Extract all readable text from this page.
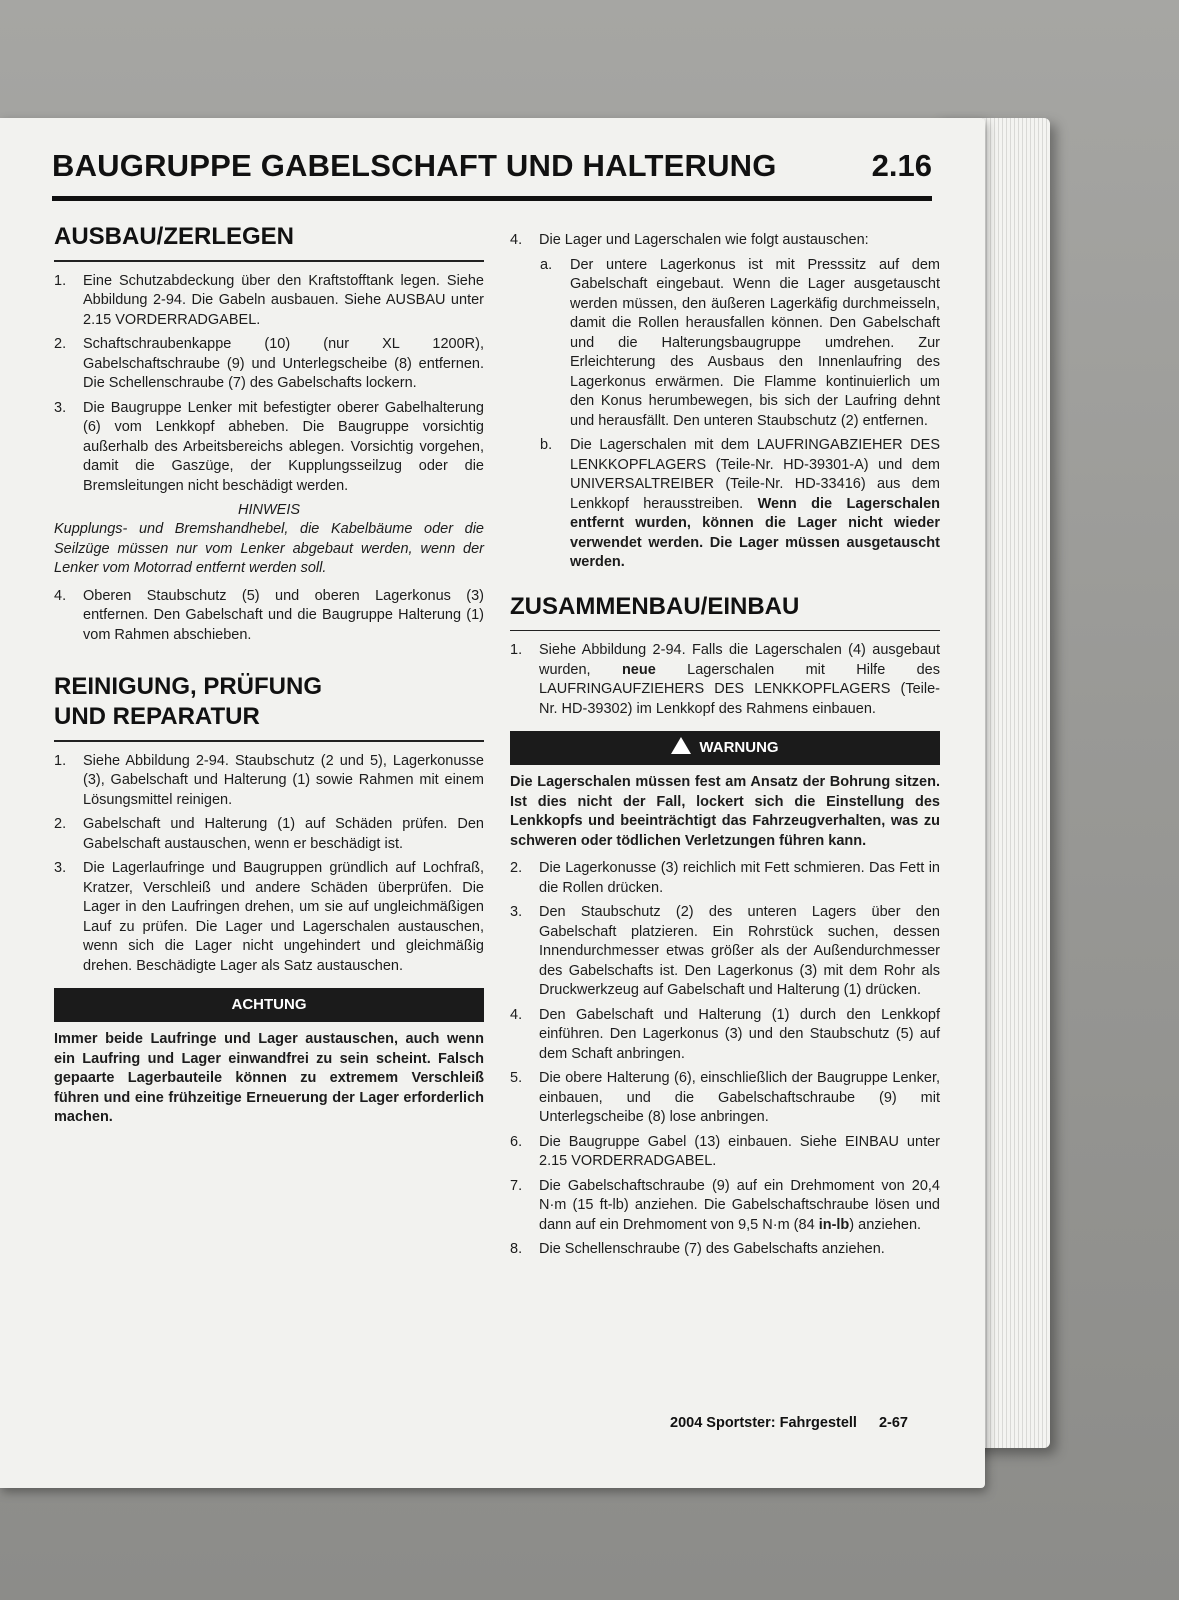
BAUGRUPPE GABELSCHAFT UND HALTERUNG	2.16
AUSBAU/ZERLEGEN
1.	Eine Schutzabdeckung über den Kraftstofftank legen. Siehe Abbildung 2-94. Die Gabeln ausbauen. Siehe AUSBAU unter 2.15 VORDERRADGABEL.
2.	Schaftschraubenkappe (10) (nur XL 1200R), Gabelschaftschraube (9) und Unterlegscheibe (8) entfernen. Die Schellenschraube (7) des Gabelschafts lockern.
3.	Die Baugruppe Lenker mit befestigter oberer Gabelhalterung (6) vom Lenkkopf abheben. Die Baugruppe vorsichtig außerhalb des Arbeitsbereichs ablegen. Vorsichtig vorgehen, damit die Gaszüge, der Kupplungsseilzug oder die Bremsleitungen nicht beschädigt werden.
HINWEIS
Kupplungs- und Bremshandhebel, die Kabelbäume oder die Seilzüge müssen nur vom Lenker abgebaut werden, wenn der Lenker vom Motorrad entfernt werden soll.
4.	Oberen Staubschutz (5) und oberen Lagerkonus (3) entfernen. Den Gabelschaft und die Baugruppe Halterung (1) vom Rahmen abschieben.
REINIGUNG, PRÜFUNG
UND REPARATUR
1.	Siehe Abbildung 2-94. Staubschutz (2 und 5), Lagerkonusse (3), Gabelschaft und Halterung (1) sowie Rahmen mit einem Lösungsmittel reinigen.
2.	Gabelschaft und Halterung (1) auf Schäden prüfen. Den Gabelschaft austauschen, wenn er beschädigt ist.
3.	Die Lagerlaufringe und Baugruppen gründlich auf Lochfraß, Kratzer, Verschleiß und andere Schäden überprüfen. Die Lager in den Laufringen drehen, um sie auf ungleichmäßigen Lauf zu prüfen. Die Lager und Lagerschalen austauschen, wenn sich die Lager nicht ungehindert und gleichmäßig drehen. Beschädigte Lager als Satz austauschen.
ACHTUNG
Immer beide Laufringe und Lager austauschen, auch wenn ein Laufring und Lager einwandfrei zu sein scheint. Falsch gepaarte Lagerbauteile können zu extremem Verschleiß führen und eine frühzeitige Erneuerung der Lager erforderlich machen.
4.	Die Lager und Lagerschalen wie folgt austauschen:
a.	Der untere Lagerkonus ist mit Presssitz auf dem Gabelschaft eingebaut. Wenn die Lager ausgetauscht werden müssen, den äußeren Lagerkäfig durchmeisseln, damit die Rollen herausfallen können. Den Gabelschaft und die Halterungsbaugruppe umdrehen. Zur Erleichterung des Ausbaus den Innenlaufring des Lagerkonus erwärmen. Die Flamme kontinuierlich um den Konus herumbewegen, bis sich der Laufring dehnt und herausfällt. Den unteren Staubschutz (2) entfernen.
b.	Die Lagerschalen mit dem LAUFRINGABZIEHER DES LENKKOPFLAGERS (Teile-Nr. HD-39301-A) und dem UNIVERSALTREIBER (Teile-Nr. HD-33416) aus dem Lenkkopf herausstreiben. Wenn die Lagerschalen entfernt wurden, können die Lager nicht wieder verwendet werden. Die Lager müssen ausgetauscht werden.
ZUSAMMENBAU/EINBAU
1.	Siehe Abbildung 2-94. Falls die Lagerschalen (4) ausgebaut wurden, neue Lagerschalen mit Hilfe des LAUFRINGAUFZIEHERS DES LENKKOPFLAGERS (Teile-Nr. HD-39302) im Lenkkopf des Rahmens einbauen.
WARNUNG
Die Lagerschalen müssen fest am Ansatz der Bohrung sitzen. Ist dies nicht der Fall, lockert sich die Einstellung des Lenkkopfs und beeinträchtigt das Fahrzeugverhalten, was zu schweren oder tödlichen Verletzungen führen kann.
2.	Die Lagerkonusse (3) reichlich mit Fett schmieren. Das Fett in die Rollen drücken.
3.	Den Staubschutz (2) des unteren Lagers über den Gabelschaft platzieren. Ein Rohrstück suchen, dessen Innendurchmesser etwas größer als der Außendurchmesser des Gabelschafts ist. Den Lagerkonus (3) mit dem Rohr als Druckwerkzeug auf Gabelschaft und Halterung (1) drücken.
4.	Den Gabelschaft und Halterung (1) durch den Lenkkopf einführen. Den Lagerkonus (3) und den Staubschutz (5) auf dem Schaft anbringen.
5.	Die obere Halterung (6), einschließlich der Baugruppe Lenker, einbauen, und die Gabelschaftschraube (9) mit Unterlegscheibe (8) lose anbringen.
6.	Die Baugruppe Gabel (13) einbauen. Siehe EINBAU unter 2.15 VORDERRADGABEL.
7.	Die Gabelschaftschraube (9) auf ein Drehmoment von 20,4 N·m (15 ft-lb) anziehen. Die Gabelschaftschraube lösen und dann auf ein Drehmoment von 9,5 N·m (84 in-lb) anziehen.
8.	Die Schellenschraube (7) des Gabelschafts anziehen.
2004 Sportster: Fahrgestell 2-67
